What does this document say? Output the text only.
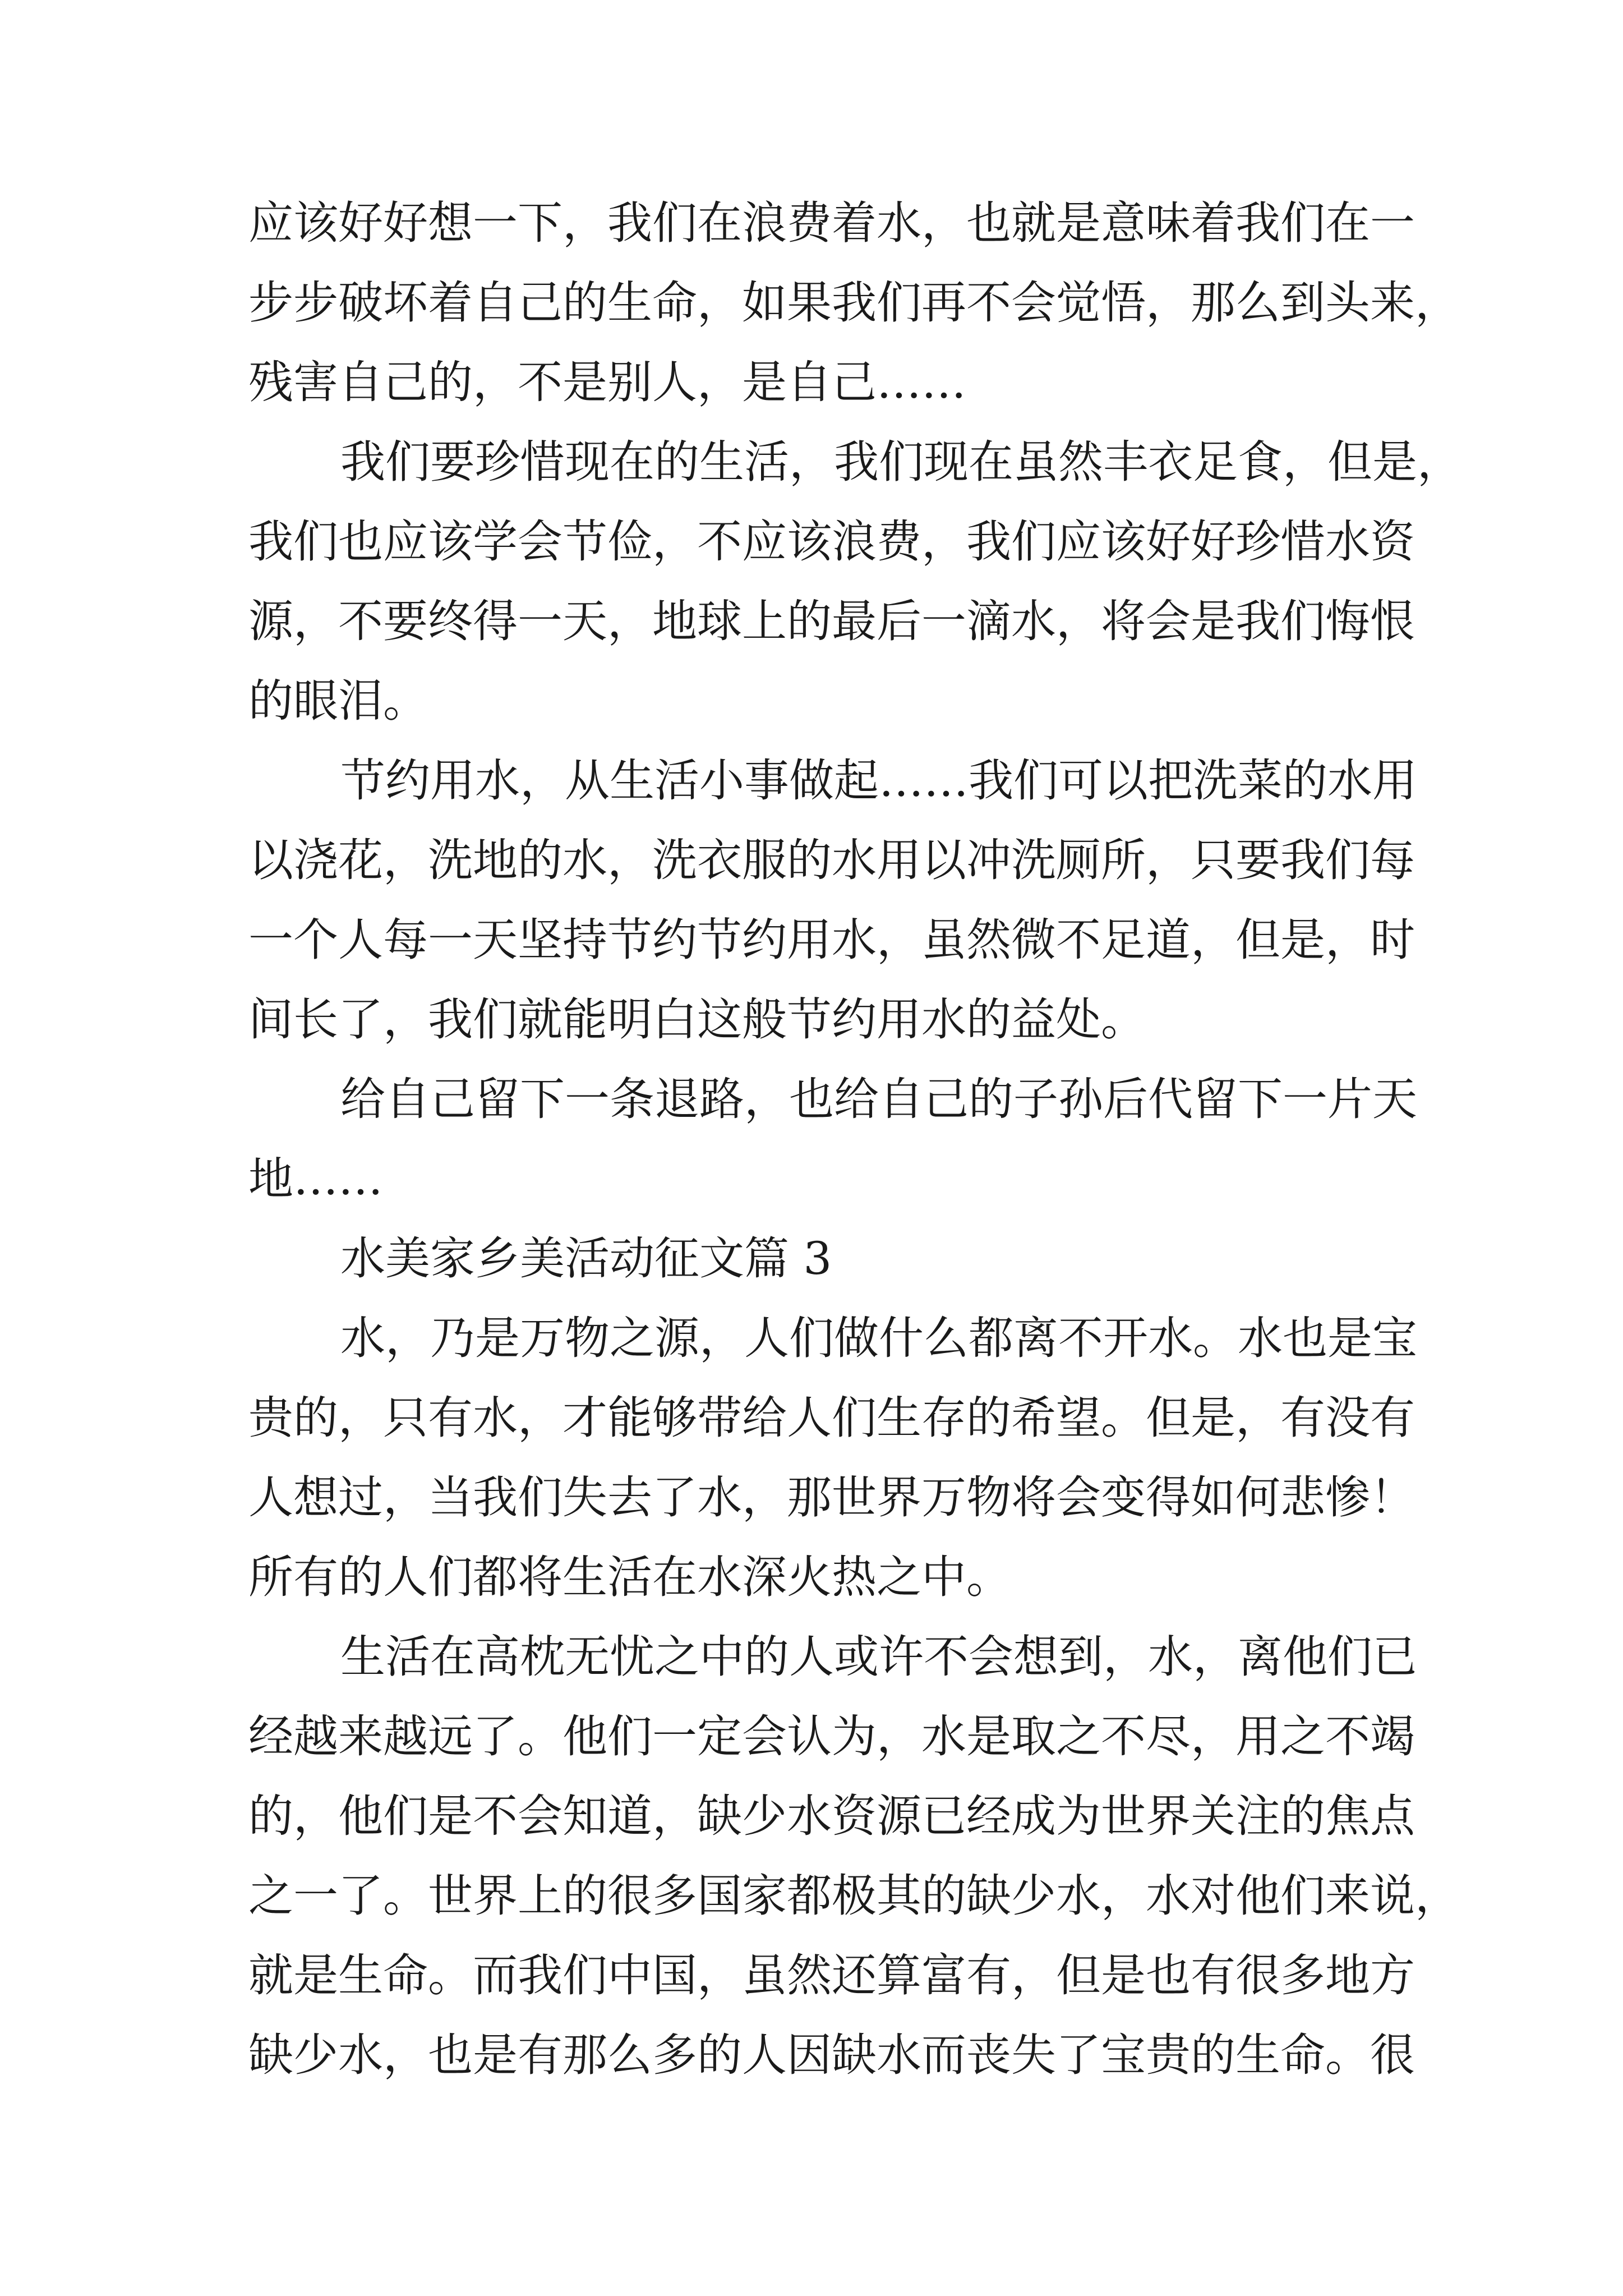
应该好好想一下，我们在浪费着水，也就是意味着我们在一
步步破坏着自己的生命，如果我们再不会觉悟，那么到头来，
残害自己的，不是别人，是自己……
我们要珍惜现在的生活，我们现在虽然丰衣足食，但是，
我们也应该学会节俭，不应该浪费，我们应该好好珍惜水资
源，不要终得一天，地球上的最后一滴水，将会是我们悔恨
的眼泪。
节约用水，从生活小事做起……我们可以把洗菜的水用
以浇花，洗地的水，洗衣服的水用以冲洗厕所，只要我们每
一个人每一天坚持节约节约用水，虽然微不足道，但是，时
间长了，我们就能明白这般节约用水的益处。
给自己留下一条退路，也给自己的子孙后代留下一片天
地……
水美家乡美活动征文篇 3
水，乃是万物之源，人们做什么都离不开水。水也是宝
贵的，只有水，才能够带给人们生存的希望。但是，有没有
人想过，当我们失去了水，那世界万物将会变得如何悲惨！
所有的人们都将生活在水深火热之中。
生活在高枕无忧之中的人或许不会想到，水，离他们已
经越来越远了。他们一定会认为，水是取之不尽，用之不竭
的，他们是不会知道，缺少水资源已经成为世界关注的焦点
之一了。世界上的很多国家都极其的缺少水，水对他们来说，
就是生命。而我们中国，虽然还算富有，但是也有很多地方
缺少水，也是有那么多的人因缺水而丧失了宝贵的生命。很
